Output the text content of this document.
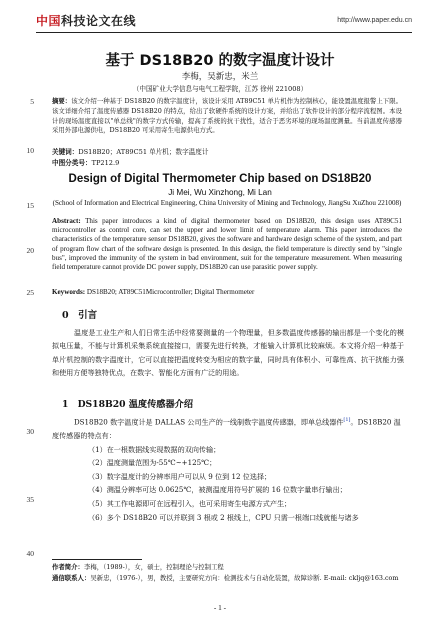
中国科技论文在线	http://www.paper.edu.cn
5
10
15
20
25
30
35
40
基于 DS18B20 的数字温度计设计
李梅，吴新忠，米兰
（中国矿业大学信息与电气工程学院，江苏 徐州 221008）
摘要：该文介绍一种基于 DS18B20 的数字温度计，该设计采用 AT89C51 单片机作为控制核心，能设置温度报警上下限。该文详细介绍了温度传感器 DS18B20 的特点，给出了软硬件系统的设计方案，并给出了软件设计的部分程序流程图。本设计的现场温度直接以"单总线"的数字方式传输，提高了系统的抗干扰性，适合于恶劣环境的现场温度测量。当前温度传感器采用外部电源供电，DS18B20 可采用寄生电源供电方式。
关键词：DS18B20；AT89C51 单片机；数字温度计
中图分类号：TP212.9
Design of Digital Thermometer Chip based on DS18B20
Ji Mei, Wu Xinzhong, Mi Lan
(School of Information and Electrical Engineering, China University of Mining and Technology, JiangSu XuZhou 221008)
Abstract: This paper introduces a kind of digital thermometer based on DS18B20, this design uses AT89C51 microcontroller as control core, can set the upper and lower limit of temperature alarm. This paper introduces the characteristics of the temperature sensor DS18B20, gives the software and hardware design scheme of the system, and part of program flow chart of the software design is presented. In this design, the field temperature is directly send by "single bus", improved the immunity of the system in bad environment, suit for the temperature measurement. When measuring field temperature cannot provide DC power supply, DS18B20 can use parasitic power supply.
Keywords: DS18B20; AT89C51Microcontroller; Digital Thermometer
0　引言
温度是工业生产和人们日常生活中经常要测量的一个物理量，但多数温度传感器的输出都是一个变化的模拟电压量，不能与计算机采集系统直接接口，需要先进行转换，才能输入计算机比较麻烦。本文将介绍一种基于单片机控制的数字温度计，它可以直接把温度转变为相应的数字量，同时具有体积小、可靠性高、抗干扰能力强和使用方便等独特优点，在数字、智能化方面有广泛的用途。
1　DS18B20 温度传感器介绍

DS18B20 数字温度计是 DALLAS 公司生产的一线制数字温度传感器，即单总线器件[1]。DS18B20 温度传感器的特点有：

（1）在一根数据线实现数据的双向传输；

（2）温度测量范围为-55℃~+125℃；

（3）数字温度计的分辨率用户可以从 9 位到 12 位选择；

（4）测温分辨率可达 0.0625℃，被测温度用符号扩展的 16 位数字量串行输出；

（5）其工作电源即可在远程引入，也可采用寄生电源方式产生；

（6）多个 DS18B20 可以并联到 3 根或 2 根线上，CPU 只需一根端口线就能与诸多

作者简介：李梅，（1989-），女，硕士，控制理论与控制工程
通信联系人：吴新忠，（1976-），男，教授，主要研究方向：检测技术与自动化装置，故障诊断. E-mail: ckljq@163.com
- 1 -
